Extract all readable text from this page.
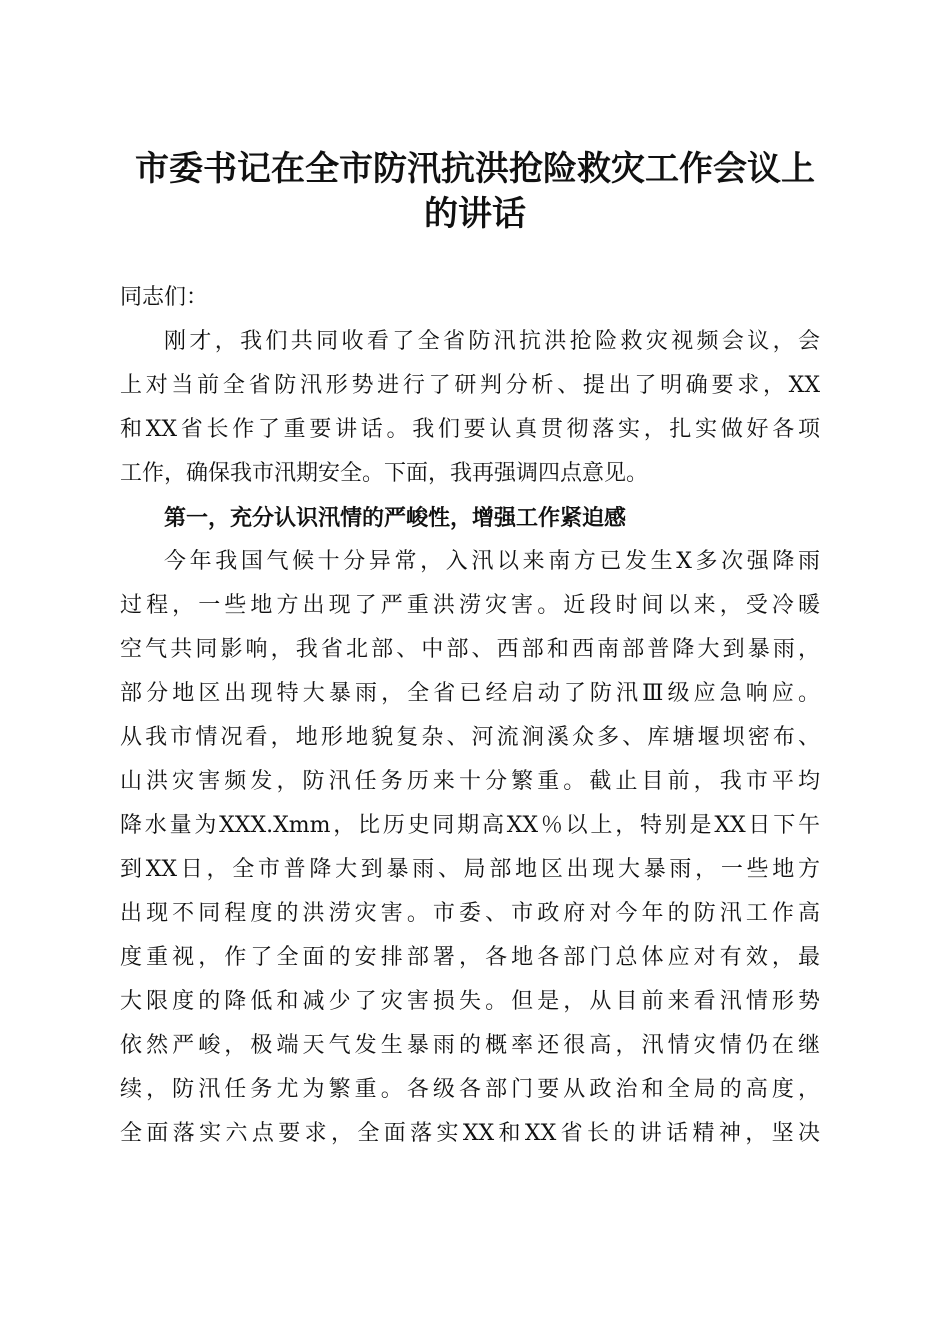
市委书记在全市防汛抗洪抢险救灾工作会议上
的讲话
同志们：
刚才，我们共同收看了全省防汛抗洪抢险救灾视频会议，会
上对当前全省防汛形势进行了研判分析、提出了明确要求，XX
和XX省长作了重要讲话。我们要认真贯彻落实，扎实做好各项
工作，确保我市汛期安全。下面，我再强调四点意见。
第一，充分认识汛情的严峻性，增强工作紧迫感
今年我国气候十分异常，入汛以来南方已发生X多次强降雨
过程，一些地方出现了严重洪涝灾害。近段时间以来，受冷暖
空气共同影响，我省北部、中部、西部和西南部普降大到暴雨，
部分地区出现特大暴雨，全省已经启动了防汛Ⅲ级应急响应。
从我市情况看，地形地貌复杂、河流涧溪众多、库塘堰坝密布、
山洪灾害频发，防汛任务历来十分繁重。截止目前，我市平均
降水量为XXX.Xmm，比历史同期高XX％以上，特别是XX日下午
到XX日，全市普降大到暴雨、局部地区出现大暴雨，一些地方
出现不同程度的洪涝灾害。市委、市政府对今年的防汛工作高
度重视，作了全面的安排部署，各地各部门总体应对有效，最
大限度的降低和减少了灾害损失。但是，从目前来看汛情形势
依然严峻，极端天气发生暴雨的概率还很高，汛情灾情仍在继
续，防汛任务尤为繁重。各级各部门要从政治和全局的高度，
全面落实六点要求，全面落实XX和XX省长的讲话精神，坚决
